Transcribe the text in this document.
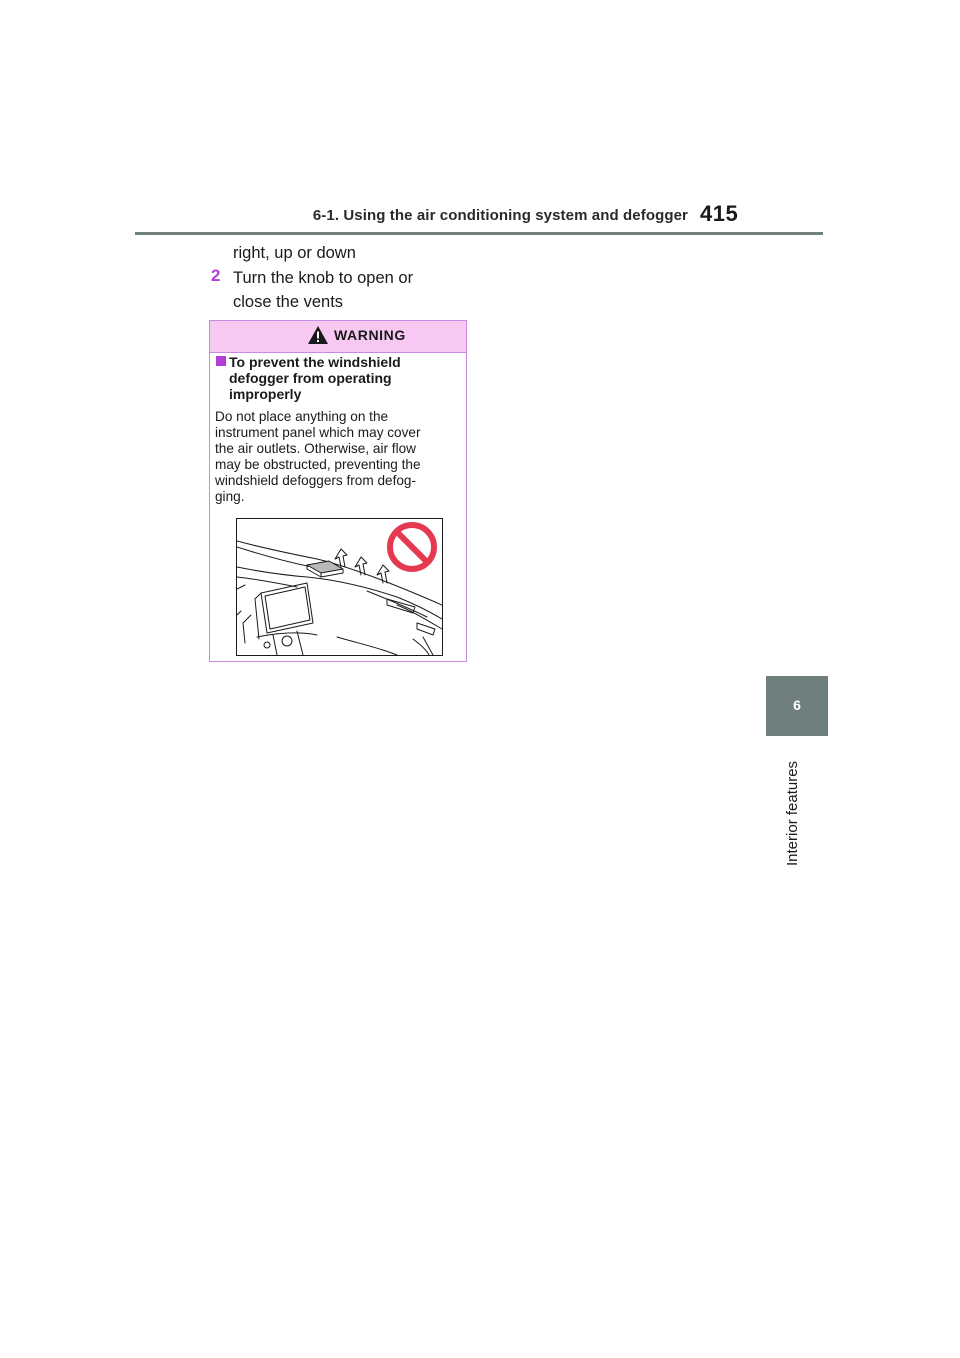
6-1. Using the air conditioning system and defogger 415
right, up or down
2 Turn the knob to open or
close the vents
WARNING
To prevent the windshield
defogger from operating
improperly
Do not place anything on the
instrument panel which may cover
the air outlets. Otherwise, air flow
may be obstructed, preventing the
windshield defoggers from defog-
ging.
6
Interior features
